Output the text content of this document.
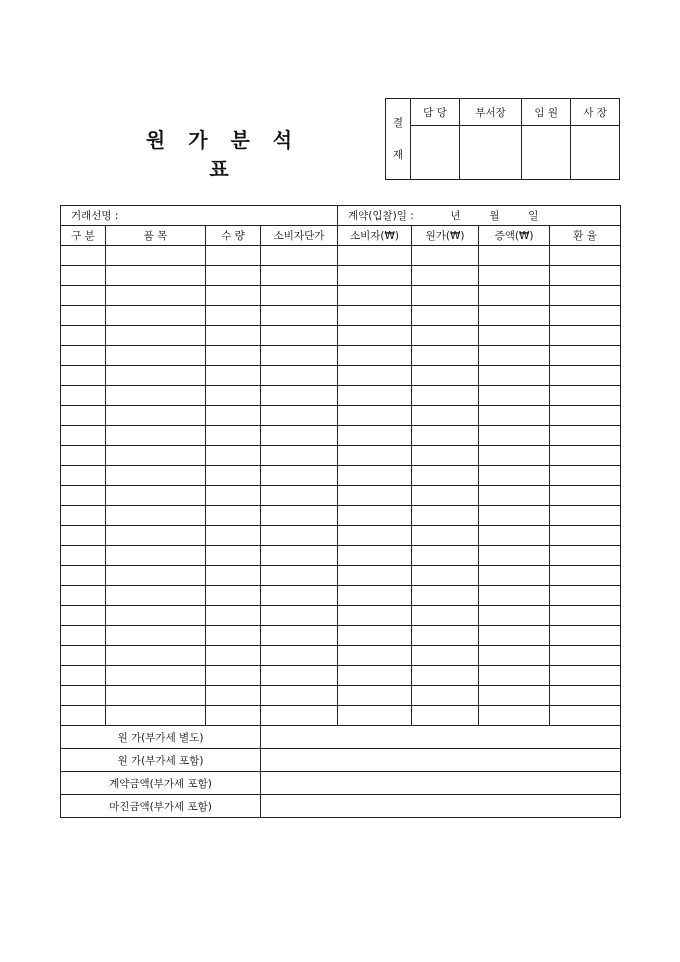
원 가 분 석 표
결
재	담 당	부서장	임 원	사 장

거래선명 :				계약(입찰)일 : 년 월 일			
구 분	품 목	수 량	소비자단가	소비자(₩)	원가(₩)	증액(₩)	환 율

원 가(부가세 별도)							
원 가(부가세 포함)							
계약금액(부가세 포함)							
마진금액(부가세 포함)							
